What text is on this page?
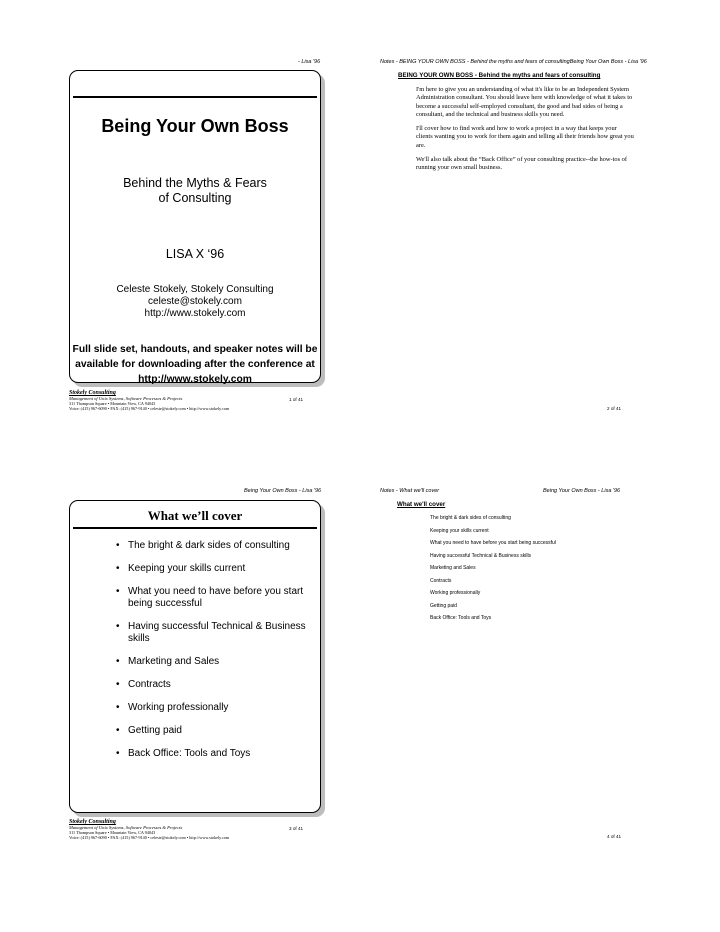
- Lisa '96	Notes - BEING YOUR OWN BOSS - Behind the myths and fears of consultingBeing Your Own Boss - Lisa '96
Being Your Own Boss
Behind the Myths & Fears
of Consulting
LISA X ‘96
Celeste Stokely, Stokely Consulting
celeste@stokely.com
http://www.stokely.com
Full slide set, handouts, and speaker notes will be
available for downloading after the conference at
http://www.stokely.com
Stokely Consulting
Management of Unix Systems, Software Processes & Projects
311 Thompson Square • Mountain View, CA 94043
Voice: (415) 967-6090 • FAX: (415) 967-9140 • celeste@stokely.com • http://www.stokely.com
1 of 41
BEING YOUR OWN BOSS - Behind the myths and fears of consulting

I'm here to give you an understanding of what it's like to be an Independent System Administration consultant. You should leave here with knowledge of what it takes to become a successful self-employed consultant, the good and bad sides of being a consultant, and the technical and business skills you need.

I'll cover how to find work and how to work a project in a way that keeps your clients wanting you to work for them again and telling all their friends how great you are.

We'll also talk about the “Back Office” of your consulting practice--the how-tos of running your own small business.

2 of 41
Being Your Own Boss - Lisa '96	Notes - What we'll cover	Being Your Own Boss - Lisa '96
What we’ll cover
• The bright & dark sides of consulting
• Keeping your skills current
• What you need to have before you start being successful
• Having successful Technical & Business skills
• Marketing and Sales
• Contracts
• Working professionally
• Getting paid
• Back Office: Tools and Toys
Stokely Consulting
Management of Unix Systems, Software Processes & Projects
311 Thompson Square • Mountain View, CA 94043
Voice: (415) 967-6090 • FAX: (415) 967-9140 • celeste@stokely.com • http://www.stokely.com
3 of 41
What we'll cover
The bright & dark sides of consulting
Keeping your skills current
What you need to have before you start being successful
Having successful Technical & Business skills
Marketing and Sales
Contracts
Working professionally
Getting paid
Back Office: Tools and Toys
4 of 41
